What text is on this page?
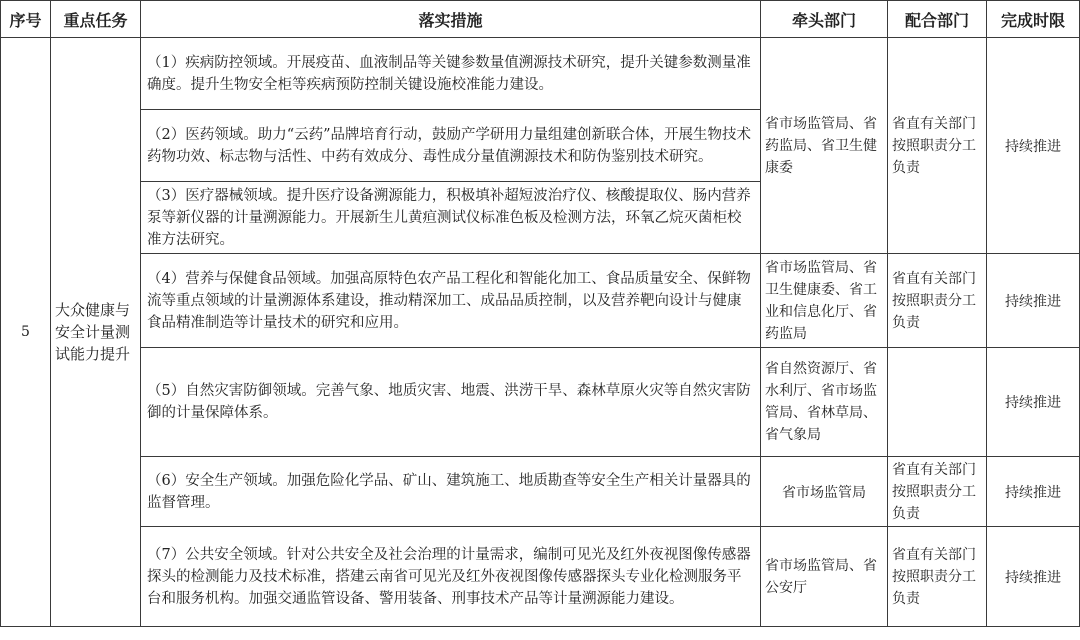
序号	重点任务	落实措施	牵头部门	配合部门	完成时限
5	大众健康与安全计量测试能力提升	（1）疾病防控领域。开展疫苗、血液制品等关键参数量值溯源技术研究，提升关键参数测量准确度。提升生物安全柜等疾病预防控制关键设施校准能力建设。	省市场监管局、省药监局、省卫生健康委	省直有关部门按照职责分工负责	持续推进
		（2）医药领域。助力“云药”品牌培育行动，鼓励产学研用力量组建创新联合体，开展生物技术药物功效、标志物与活性、中药有效成分、毒性成分量值溯源技术和防伪鉴别技术研究。			
		（3）医疗器械领域。提升医疗设备溯源能力，积极填补超短波治疗仪、核酸提取仪、肠内营养泵等新仪器的计量溯源能力。开展新生儿黄疸测试仪标准色板及检测方法，环氧乙烷灭菌柜校准方法研究。			
		（4）营养与保健食品领域。加强高原特色农产品工程化和智能化加工、食品质量安全、保鲜物流等重点领域的计量溯源体系建设，推动精深加工、成品品质控制，以及营养靶向设计与健康食品精准制造等计量技术的研究和应用。	省市场监管局、省卫生健康委、省工业和信息化厅、省药监局	省直有关部门按照职责分工负责	持续推进
		（5）自然灾害防御领域。完善气象、地质灾害、地震、洪涝干旱、森林草原火灾等自然灾害防御的计量保障体系。	省自然资源厅、省水利厅、省市场监管局、省林草局、省气象局		持续推进
		（6）安全生产领域。加强危险化学品、矿山、建筑施工、地质勘查等安全生产相关计量器具的监督管理。	省市场监管局	省直有关部门按照职责分工负责	持续推进
		（7）公共安全领域。针对公共安全及社会治理的计量需求，编制可见光及红外夜视图像传感器探头的检测能力及技术标准，搭建云南省可见光及红外夜视图像传感器探头专业化检测服务平台和服务机构。加强交通监管设备、警用装备、刑事技术产品等计量溯源能力建设。	省市场监管局、省公安厅	省直有关部门按照职责分工负责	持续推进
